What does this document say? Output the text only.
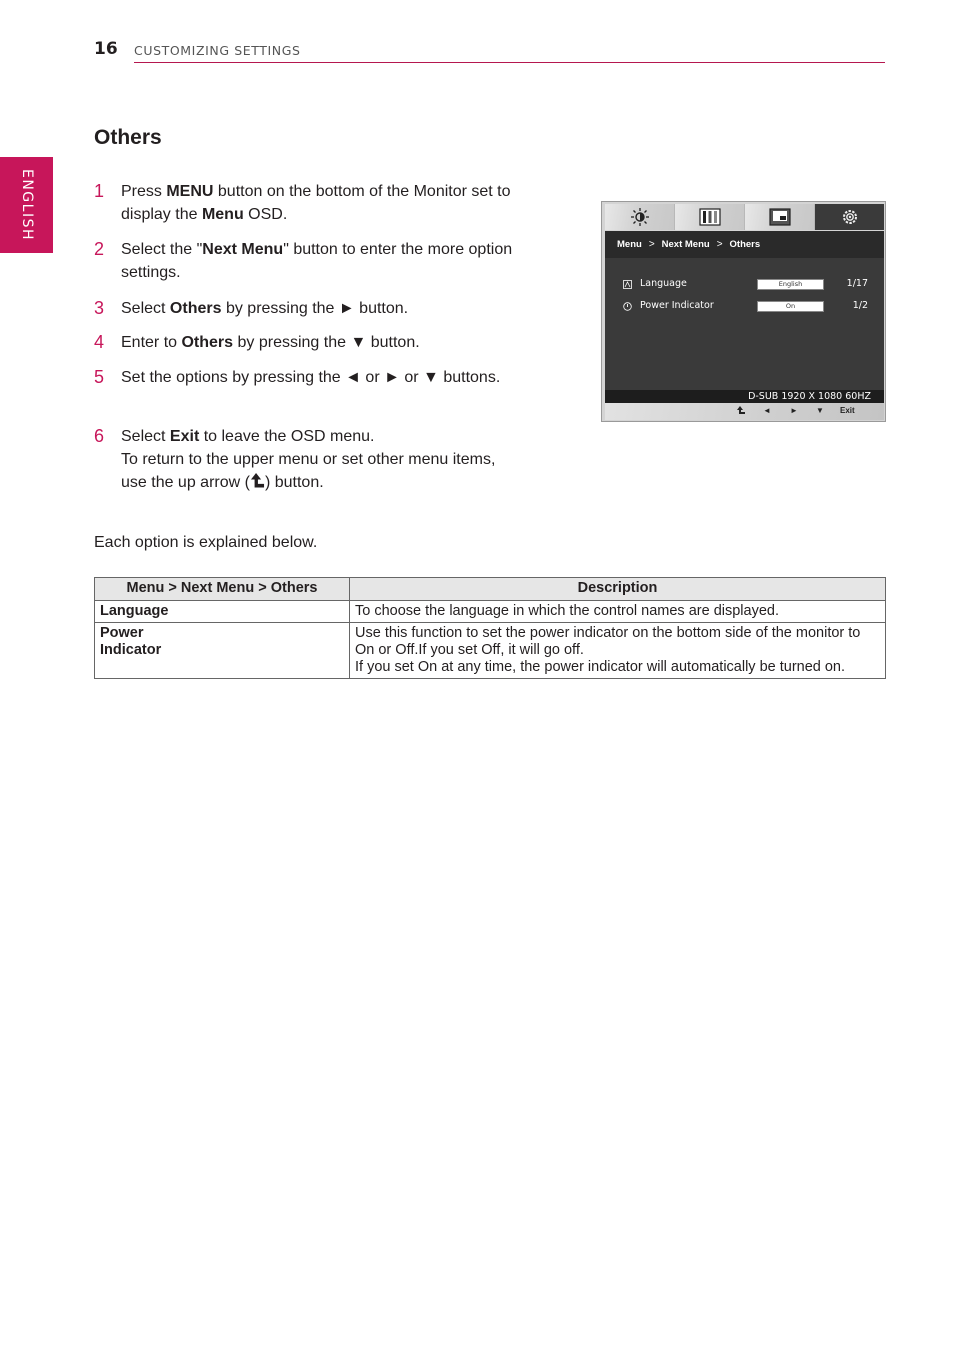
16 CUSTOMIZING SETTINGS
ENGLISH
Others
1 Press MENU button on the bottom of the Monitor set to display the Menu OSD.
2 Select the "Next Menu" button to enter the more option settings.
3 Select Others by pressing the ► button.
4 Enter to Others by pressing the ▼ button.
5 Set the options by pressing the ◄ or ► or ▼ buttons.
6 Select Exit to leave the OSD menu.
To return to the upper menu or set other menu items, use the up arrow ( ) button.
Menu > Next Menu > Others
Language	English	1/17
Power Indicator	On	1/2
D-SUB 1920 X 1080 60HZ
◄ ► ▼ Exit
Each option is explained below.
Menu > Next Menu > Others	Description
Language	To choose the language in which the control names are displayed.
Power
Indicator	Use this function to set the power indicator on the bottom side of the monitor to On or Off.If you set Off, it will go off.
If you set On at any time, the power indicator will automatically be turned on.
